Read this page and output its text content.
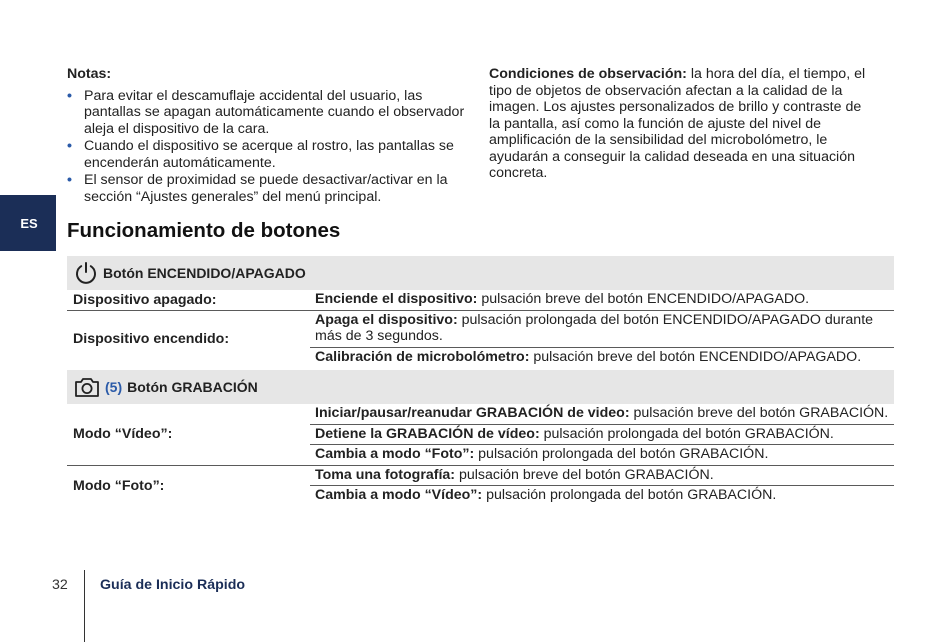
Notas:
• Para evitar el descamuflaje accidental del usuario, las pantallas se apagan automáticamente cuando el observador aleja el dispositivo de la cara.
• Cuando el dispositivo se acerque al rostro, las pantallas se encenderán automáticamente.
• El sensor de proximidad se puede desactivar/activar en la sección “Ajustes generales” del menú principal.
Condiciones de observación: la hora del día, el tiempo, el tipo de objetos de observación afectan a la calidad de la imagen. Los ajustes personalizados de brillo y contraste de la pantalla, así como la función de ajuste del nivel de amplificación de la sensibilidad del microbolómetro, le ayudarán a conseguir la calidad deseada en una situación concreta.
ES	Funcionamiento de botones
Botón ENCENDIDO/APAGADO
Dispositivo apagado:	Enciende el dispositivo: pulsación breve del botón ENCENDIDO/APAGADO.
Dispositivo encendido:
Apaga el dispositivo: pulsación prolongada del botón ENCENDIDO/APAGADO durante más de 3 segundos.
Calibración de microbolómetro: pulsación breve del botón ENCENDIDO/APAGADO.
(5) Botón GRABACIÓN
Modo “Vídeo”:
Iniciar/pausar/reanudar GRABACIÓN de video: pulsación breve del botón GRABACIÓN.
Detiene la GRABACIÓN de vídeo: pulsación prolongada del botón GRABACIÓN.
Cambia a modo “Foto”: pulsación prolongada del botón GRABACIÓN.
Modo “Foto”:
Toma una fotografía: pulsación breve del botón GRABACIÓN.
Cambia a modo “Vídeo”: pulsación prolongada del botón GRABACIÓN.
32 Guía de Inicio Rápido
